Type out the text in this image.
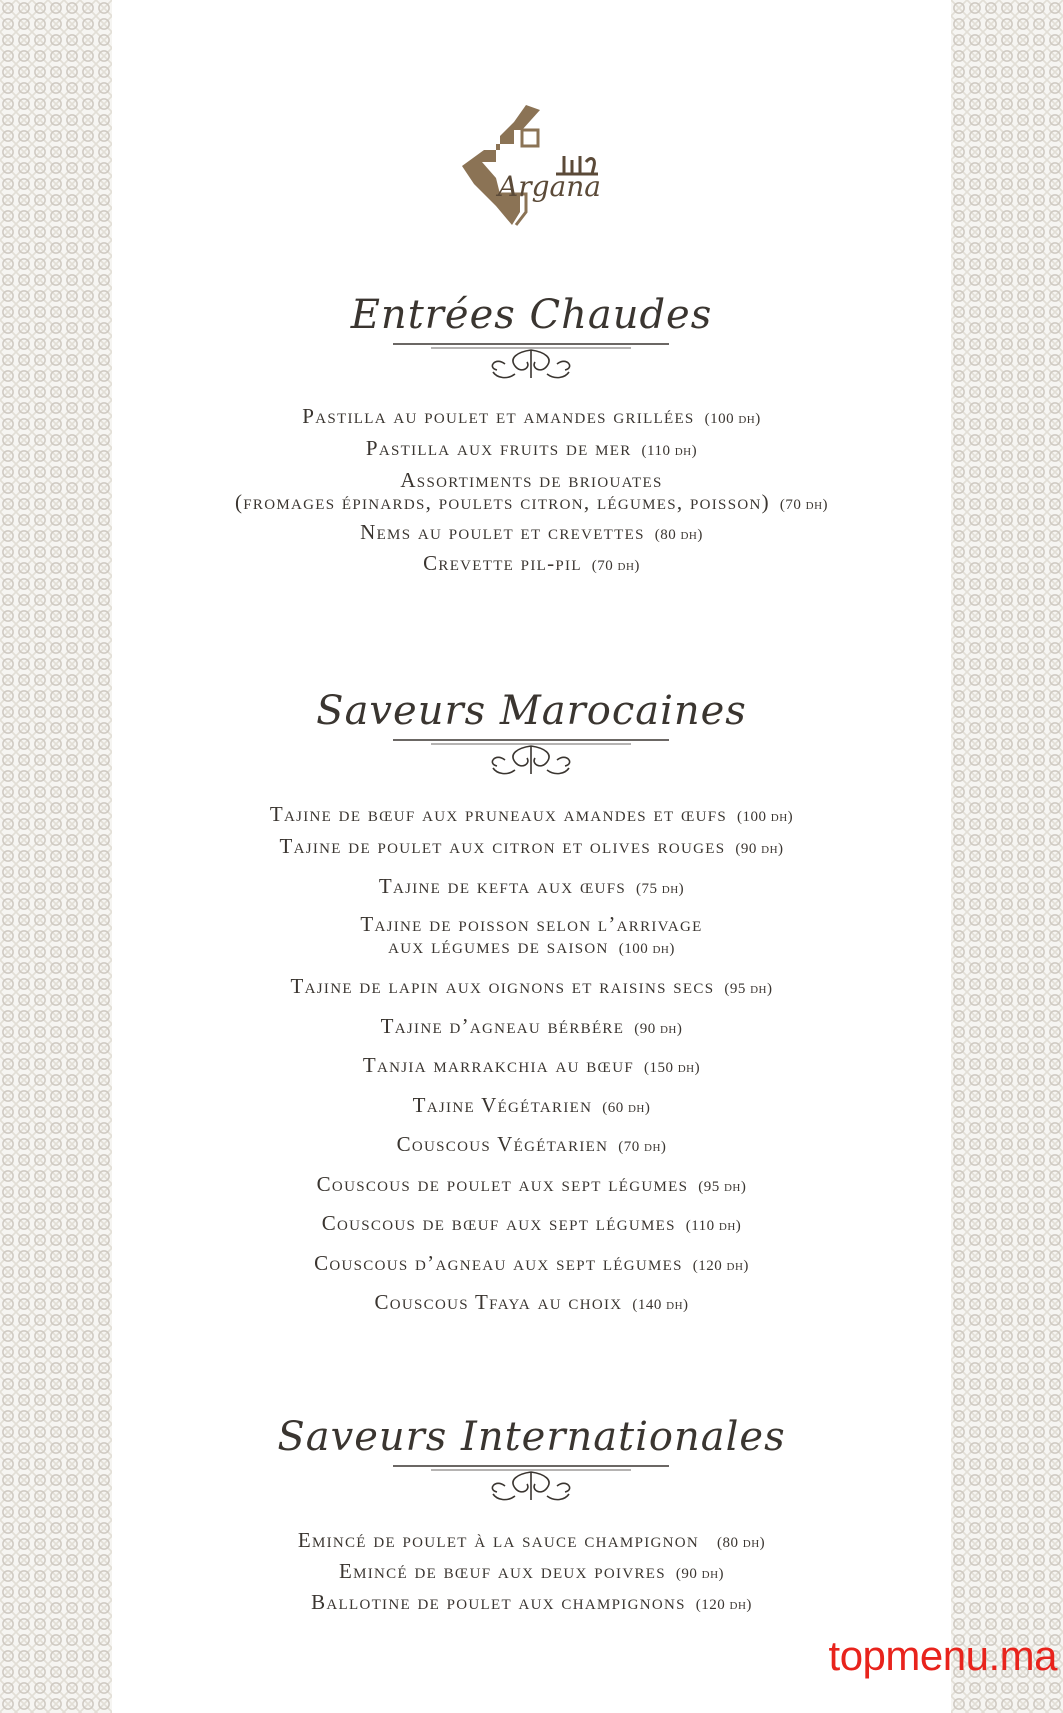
Argana
Entrées Chaudes
Pastilla au poulet et amandes grillées (100 dh)
Pastilla aux fruits de mer (110 dh)
Assortiments de briouates
(fromages épinards, poulets citron, légumes, poisson) (70 dh)
Nems au poulet et crevettes (80 dh)
Crevette pil-pil (70 dh)
Saveurs Marocaines
Tajine de bœuf aux pruneaux amandes et œufs (100 dh)
Tajine de poulet aux citron et olives rouges (90 dh)
Tajine de kefta aux œufs (75 dh)
Tajine de poisson selon l’arrivage
aux légumes de saison (100 dh)
Tajine de lapin aux oignons et raisins secs (95 dh)
Tajine d’agneau bérbére (90 dh)
Tanjia marrakchia au bœuf (150 dh)
Tajine Végétarien (60 dh)
Couscous Végétarien (70 dh)
Couscous de poulet aux sept légumes (95 dh)
Couscous de bœuf aux sept légumes (110 dh)
Couscous d’agneau aux sept légumes (120 dh)
Couscous Tfaya au choix (140 dh)
Saveurs Internationales
Emincé de poulet à la sauce champignon (80 dh)
Emincé de bœuf aux deux poivres (90 dh)
Ballotine de poulet aux champignons (120 dh)
topmenu.ma
